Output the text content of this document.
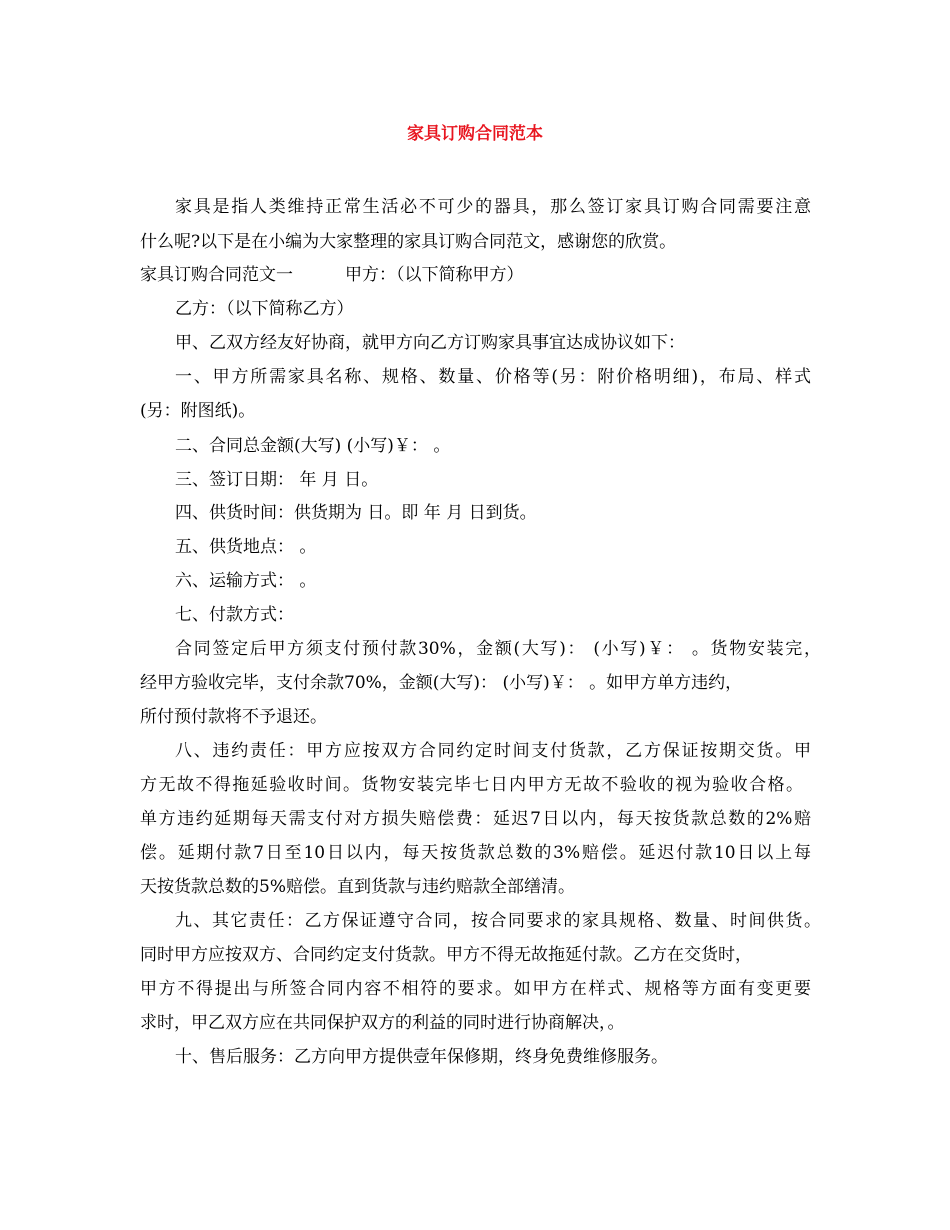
家具订购合同范本
家具是指人类维持正常生活必不可少的器具，那么签订家具订购合同需要注意
什么呢?以下是在小编为大家整理的家具订购合同范文，感谢您的欣赏。
家具订购合同范文一	甲方：（以下简称甲方）
乙方：（以下简称乙方）
甲、乙双方经友好协商，就甲方向乙方订购家具事宜达成协议如下：
一、甲方所需家具名称、规格、数量、价格等(另：附价格明细)，布局、样式
(另：附图纸)。
二、合同总金额(大写) (小写)￥： 。
三、签订日期： 年 月 日。
四、供货时间：供货期为 日。即 年 月 日到货。
五、供货地点： 。
六、运输方式： 。
七、付款方式：
合同签定后甲方须支付预付款30%，金额(大写)： (小写)￥： 。货物安装完，
经甲方验收完毕，支付余款70%，金额(大写)： (小写)￥： 。如甲方单方违约，
所付预付款将不予退还。
八、违约责任：甲方应按双方合同约定时间支付货款，乙方保证按期交货。甲
方无故不得拖延验收时间。货物安装完毕七日内甲方无故不验收的视为验收合格。
单方违约延期每天需支付对方损失赔偿费：延迟7日以内，每天按货款总数的2%赔
偿。延期付款7日至10日以内，每天按货款总数的3%赔偿。延迟付款10日以上每
天按货款总数的5%赔偿。直到货款与违约赔款全部缮清。
九、其它责任：乙方保证遵守合同，按合同要求的家具规格、数量、时间供货。
同时甲方应按双方、合同约定支付货款。甲方不得无故拖延付款。乙方在交货时，
甲方不得提出与所签合同内容不相符的要求。如甲方在样式、规格等方面有变更要
求时，甲乙双方应在共同保护双方的利益的同时进行协商解决，。
十、售后服务：乙方向甲方提供壹年保修期，终身免费维修服务。
